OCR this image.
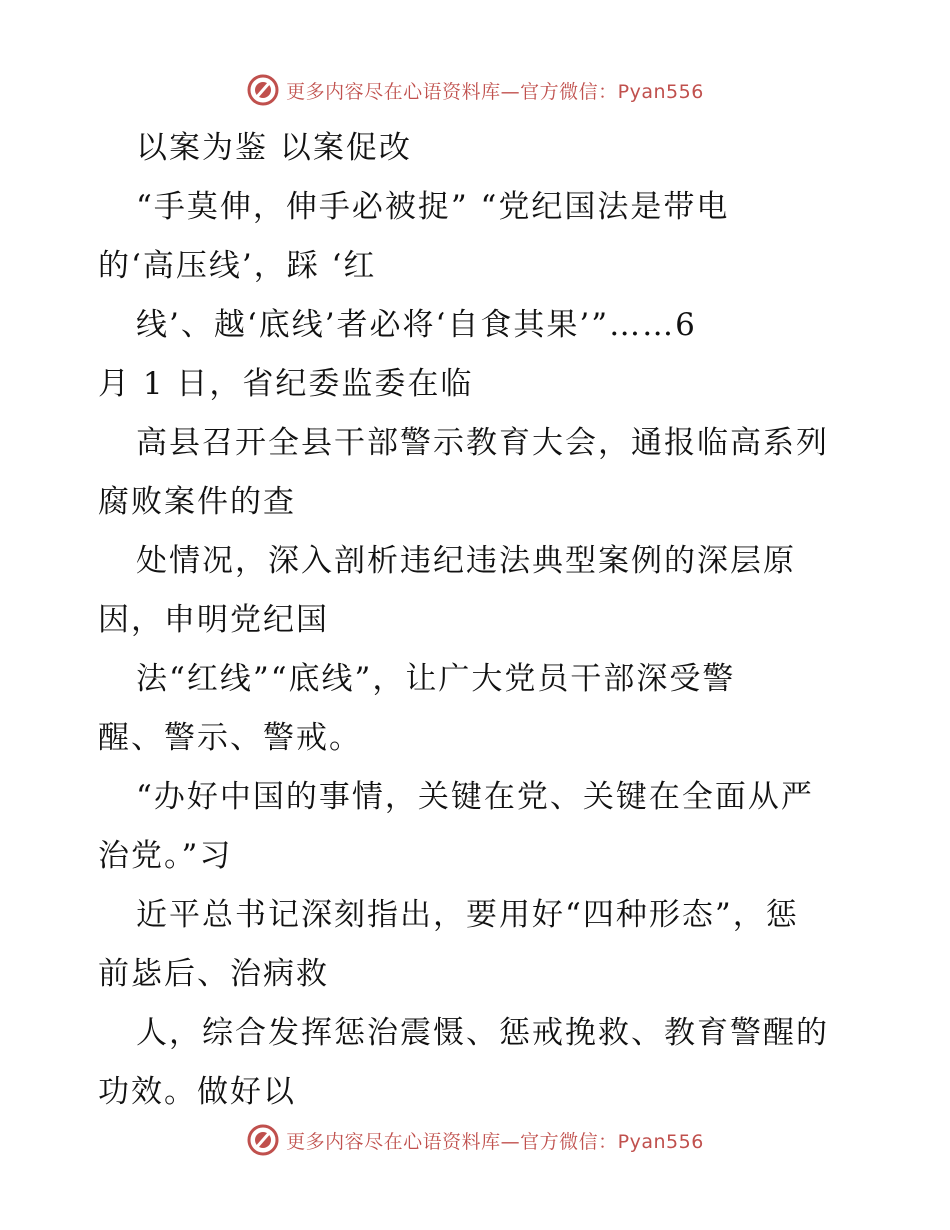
更多内容尽在心语资料库—官方微信：Pyan556
以案为鉴 以案促改
“手莫伸，伸手必被捉” “党纪国法是带电
的‘高压线’，踩 ‘红
线’、越‘底线’者必将‘自食其果’”……6
月 1 日，省纪委监委在临
高县召开全县干部警示教育大会，通报临高系列
腐败案件的查
处情况，深入剖析违纪违法典型案例的深层原
因，申明党纪国
法“红线”“底线”，让广大党员干部深受警
醒、警示、警戒。
“办好中国的事情，关键在党、关键在全面从严
治党。”习
近平总书记深刻指出，要用好“四种形态”，惩
前毖后、治病救
人，综合发挥惩治震慑、惩戒挽救、教育警醒的
功效。做好以
更多内容尽在心语资料库—官方微信：Pyan556
